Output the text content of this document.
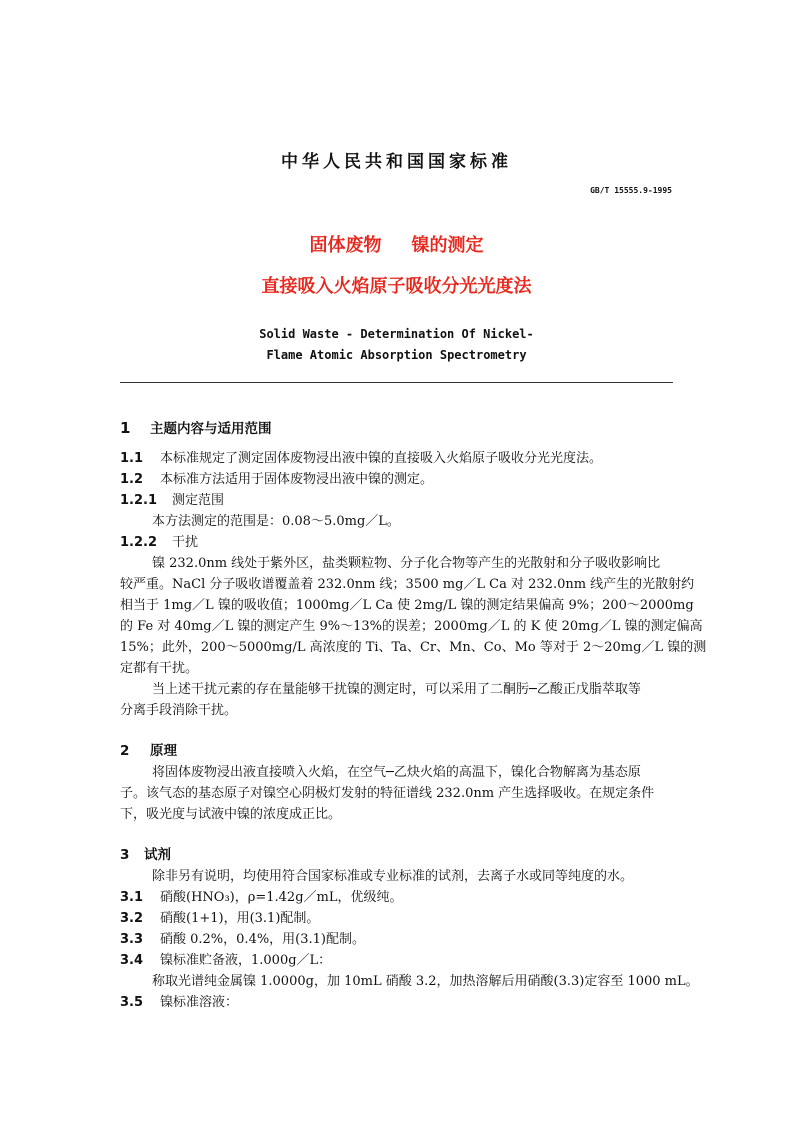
中华人民共和国国家标准
GB/T 15555.9-1995
固体废物 镍的测定
直接吸入火焰原子吸收分光光度法
Solid Waste - Determination Of Nickel-
Flame Atomic Absorption Spectrometry
1 主题内容与适用范围
1.1 本标准规定了测定固体废物浸出液中镍的直接吸入火焰原子吸收分光光度法。
1.2 本标准方法适用于固体废物浸出液中镍的测定。
1.2.1 测定范围
本方法测定的范围是：0.08～5.0mg／L。
1.2.2 干扰
镍 232.0nm 线处于紫外区，盐类颗粒物、分子化合物等产生的光散射和分子吸收影响比
较严重。NaCl 分子吸收谱覆盖着 232.0nm 线；3500 mg／L Ca 对 232.0nm 线产生的光散射约
相当于 1mg／L 镍的吸收值；1000mg／L Ca 使 2mg/L 镍的测定结果偏高 9%；200～2000mg
的 Fe 对 40mg／L 镍的测定产生 9%～13%的误差；2000mg／L 的 K 使 20mg／L 镍的测定偏高
15%；此外，200～5000mg/L 高浓度的 Ti、Ta、Cr、Mn、Co、Mo 等对于 2～20mg／L 镍的测
定都有干扰。
当上述干扰元素的存在量能够干扰镍的测定时，可以采用了二酮肟─乙酸正戊脂萃取等
分离手段消除干扰。
2 原理
将固体废物浸出液直接喷入火焰，在空气─乙炔火焰的高温下，镍化合物解离为基态原
子。该气态的基态原子对镍空心阴极灯发射的特征谱线 232.0nm 产生选择吸收。在规定条件
下，吸光度与试液中镍的浓度成正比。
3 试剂
除非另有说明，均使用符合国家标准或专业标准的试剂，去离子水或同等纯度的水。
3.1 硝酸(HNO₃)，ρ=1.42g／mL，优级纯。
3.2 硝酸(1+1)，用(3.1)配制。
3.3 硝酸 0.2%，0.4%，用(3.1)配制。
3.4 镍标准贮备液，1.000g／L：
称取光谱纯金属镍 1.0000g，加 10mL 硝酸 3.2，加热溶解后用硝酸(3.3)定容至 1000 mL。
3.5 镍标准溶液：
